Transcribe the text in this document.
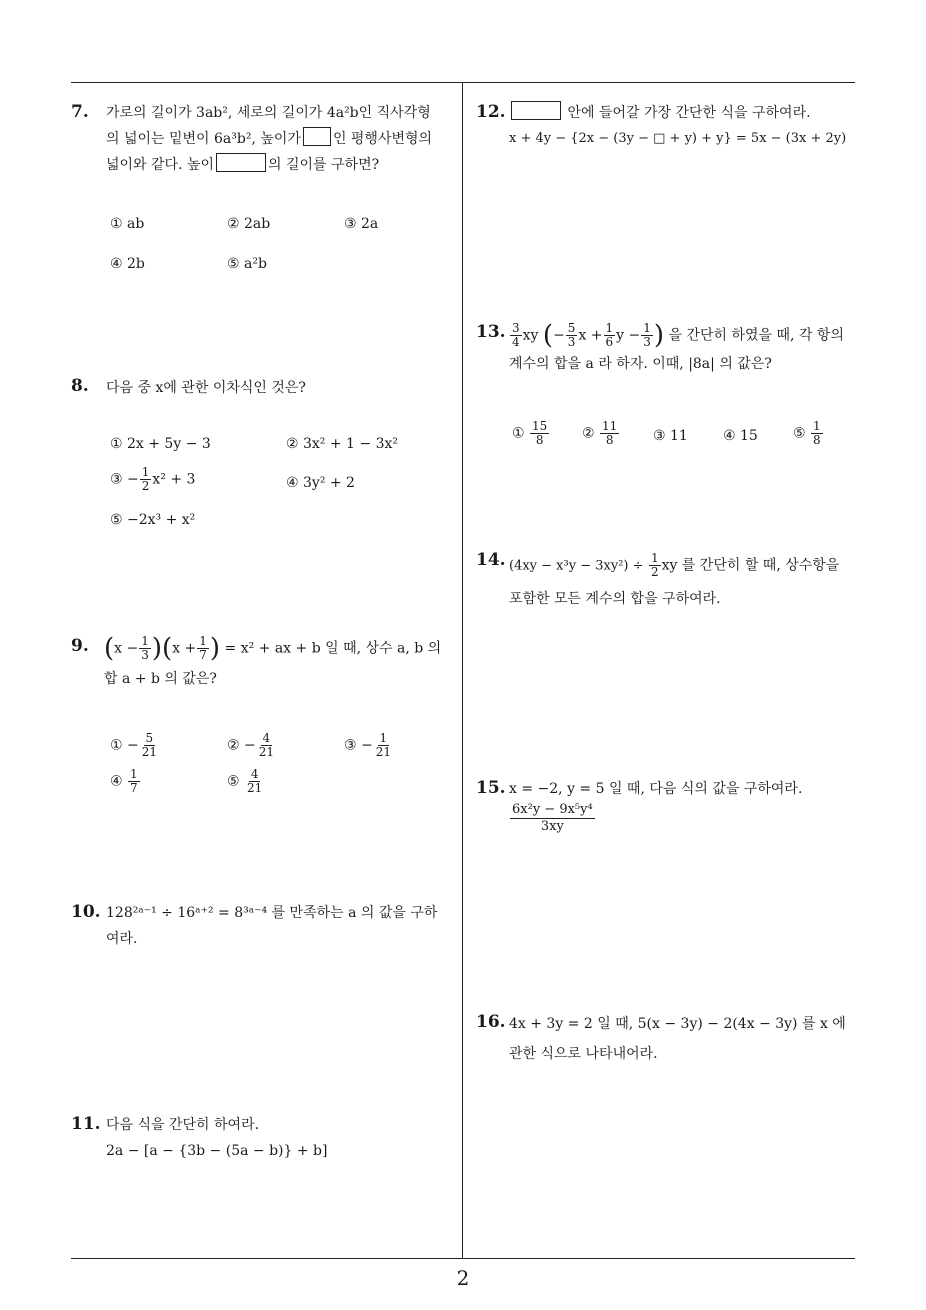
7. 가로의 길이가 3ab², 세로의 길이가 4a²b인 직사각형
의 넓이는 밑변이 6a³b², 높이가 인 평행사변형의
넓이와 같다. 높이	의 길이를 구하면?
① ab	② 2ab	③ 2a
④ 2b	⑤ a²b
8. 다음 중 x에 관한 이차식인 것은?
① 2x + 5y − 3	② 3x² + 1 − 3x²
③ − $\frac{1}{2} x^2 + 3$	④ 3y² + 2
⑤ −2x³ + x²
9. $(x - \frac{1}{3} )(x + \frac{1}{7}$ ) = x² + ax + b 일 때, 상수 a, b 의
합 a + b 의 값은?
① − $\frac{5}{21}$	② − $\frac{4}{21}$	③ − $\frac{1}{21}$
④ $\frac{1}{7}$	⑤ $\frac{4}{21}$
10. 128²ᵃ⁻¹ ÷ 16ᵃ⁺² = 8³ᵃ⁻⁴ 를 만족하는 a 의 값을 구하
여라.
11. 다음 식을 간단히 하여라.
2a − [a − {3b − (5a − b)} + b]
12.	안에 들어갈 가장 간단한 식을 구하여라.
x + 4y − {2x − (3y − □ + y) + y} = 5x − (3x + 2y)
13. $\frac{3}{4}$ xy (− $\frac{5}{3}$ $x + \frac{1}{6}$ $y - \frac{1}{3}$ ) 을 간단히 하였을 때, 각 항의
계수의 합을 a 라 하자. 이때, |8a| 의 값은?
① $\frac{15}{8}$ ② $\frac{11}{8}$ ③ 11	④ 15	⑤ $\frac{1}{8}$
14. $(4xy - x^3y - 3xy^2) \div \frac{1}{2}$ xy 를 간단히 할 때, 상수항을
포함한 모든 계수의 합을 구하여라.
15. x = −2, y = 5 일 때, 다음 식의 값을 구하여라.
$\frac{\text{6x²y − 9x⁵y⁴}}{3xy}$
16. 4x + 3y = 2 일 때, 5(x − 3y) − 2(4x − 3y) 를 x 에
관한 식으로 나타내어라.
2
